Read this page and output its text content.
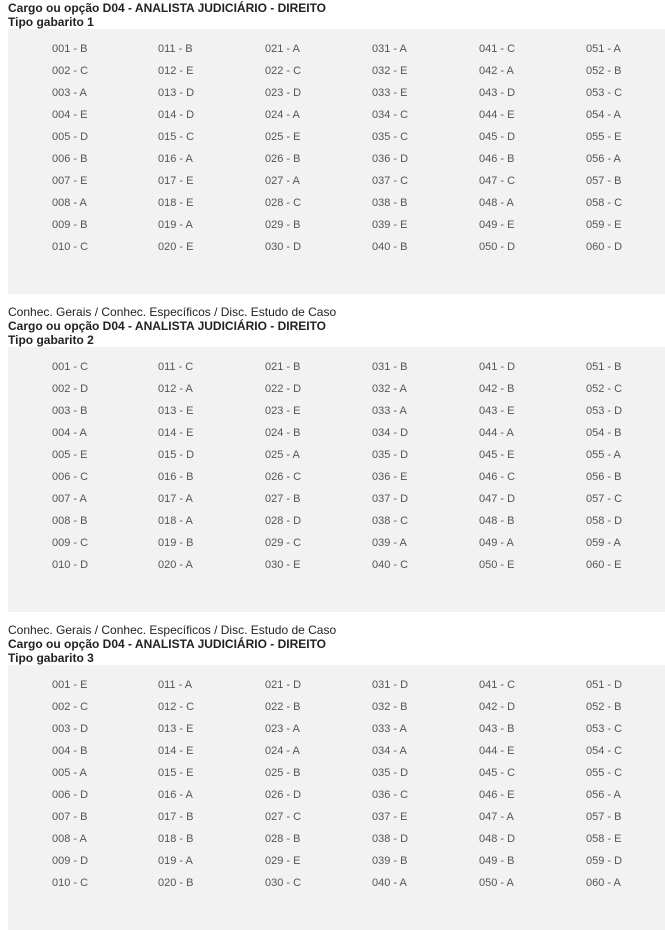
Cargo ou opção D04 - ANALISTA JUDICIÁRIO - DIREITO
Tipo gabarito 1
001 - B
002 - C
003 - A
004 - E
005 - D
006 - B
007 - E
008 - A
009 - B
010 - C
011 - B
012 - E
013 - D
014 - D
015 - C
016 - A
017 - E
018 - E
019 - A
020 - E
021 - A
022 - C
023 - D
024 - A
025 - E
026 - B
027 - A
028 - C
029 - B
030 - D
031 - A
032 - E
033 - E
034 - C
035 - C
036 - D
037 - C
038 - B
039 - E
040 - B
041 - C
042 - A
043 - D
044 - E
045 - D
046 - B
047 - C
048 - A
049 - E
050 - D
051 - A
052 - B
053 - C
054 - A
055 - E
056 - A
057 - B
058 - C
059 - E
060 - D
Conhec. Gerais / Conhec. Específicos / Disc. Estudo de Caso
Cargo ou opção D04 - ANALISTA JUDICIÁRIO - DIREITO
Tipo gabarito 2
001 - C
002 - D
003 - B
004 - A
005 - E
006 - C
007 - A
008 - B
009 - C
010 - D
011 - C
012 - A
013 - E
014 - E
015 - D
016 - B
017 - A
018 - A
019 - B
020 - A
021 - B
022 - D
023 - E
024 - B
025 - A
026 - C
027 - B
028 - D
029 - C
030 - E
031 - B
032 - A
033 - A
034 - D
035 - D
036 - E
037 - D
038 - C
039 - A
040 - C
041 - D
042 - B
043 - E
044 - A
045 - E
046 - C
047 - D
048 - B
049 - A
050 - E
051 - B
052 - C
053 - D
054 - B
055 - A
056 - B
057 - C
058 - D
059 - A
060 - E
Conhec. Gerais / Conhec. Específicos / Disc. Estudo de Caso
Cargo ou opção D04 - ANALISTA JUDICIÁRIO - DIREITO
Tipo gabarito 3
001 - E
002 - C
003 - D
004 - B
005 - A
006 - D
007 - B
008 - A
009 - D
010 - C
011 - A
012 - C
013 - E
014 - E
015 - E
016 - A
017 - B
018 - B
019 - A
020 - B
021 - D
022 - B
023 - A
024 - A
025 - B
026 - D
027 - C
028 - B
029 - E
030 - C
031 - D
032 - B
033 - A
034 - A
035 - D
036 - C
037 - E
038 - D
039 - B
040 - A
041 - C
042 - D
043 - B
044 - E
045 - C
046 - E
047 - A
048 - D
049 - B
050 - A
051 - D
052 - B
053 - C
054 - C
055 - C
056 - A
057 - B
058 - E
059 - D
060 - A
